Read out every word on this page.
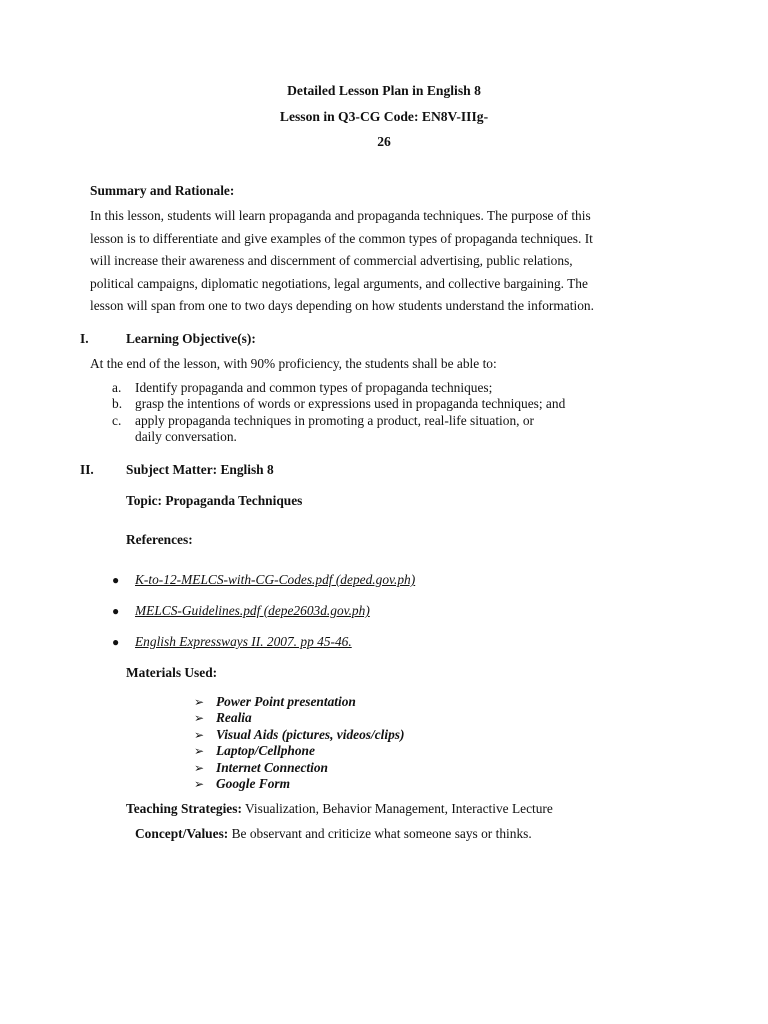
Detailed Lesson Plan in English 8
Lesson in Q3-CG Code: EN8V-IIIg-
26
Summary and Rationale:
In this lesson, students will learn propaganda and propaganda techniques. The purpose of this
lesson is to differentiate and give examples of the common types of propaganda techniques. It
will increase their awareness and discernment of commercial advertising, public relations,
political campaigns, diplomatic negotiations, legal arguments, and collective bargaining. The
lesson will span from one to two days depending on how students understand the information.
I.	Learning Objective(s):
At the end of the lesson, with 90% proficiency, the students shall be able to:
a. Identify propaganda and common types of propaganda techniques;
b. grasp the intentions of words or expressions used in propaganda techniques; and
c. apply propaganda techniques in promoting a product, real-life situation, or
daily conversation.
II. Subject Matter: English 8
Topic: Propaganda Techniques
References:
● K-to-12-MELCS-with-CG-Codes.pdf (deped.gov.ph)
● MELCS-Guidelines.pdf (depe2603d.gov.ph)
● English Expressways II. 2007. pp 45-46.
Materials Used:
➢ Power Point presentation
➢ Realia
➢ Visual Aids (pictures, videos/clips)
➢ Laptop/Cellphone
➢ Internet Connection
➢ Google Form
Teaching Strategies: Visualization, Behavior Management, Interactive Lecture
Concept/Values: Be observant and criticize what someone says or thinks.
